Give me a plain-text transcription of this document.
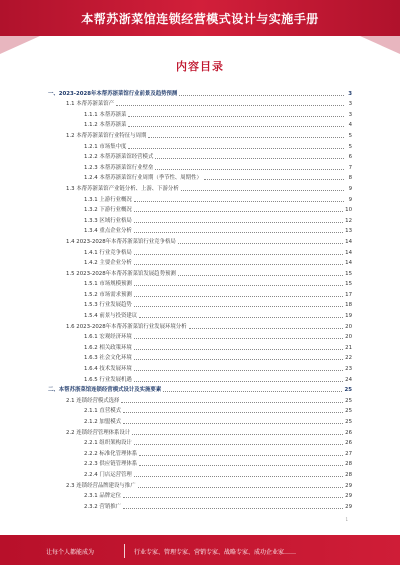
本帮苏浙菜馆连锁经营模式设计与实施手册
内容目录
一、2023-2028年本帮苏浙菜馆行业前景及趋势预测	3
1.1 本帮苏浙菜馆产	3
1.1.1 本帮苏浙菜	3
1.1.2 本帮苏浙菜	4
1.2 本帮苏浙菜馆行业特征与周期	5
1.2.1 市场集中度	5
1.2.2 本帮苏浙菜馆经营模式	6
1.2.3 本帮苏浙菜馆行业壁垒	7
1.2.4 本帮苏浙菜馆行业周期（季节性、周期性）	8
1.3 本帮苏浙菜馆产业链分析、上游、下游分析	9
1.3.1 上游行业概况	9
1.3.2 下游行业概况	10
1.3.3 区域行业格局	12
1.3.4 重点企业分析	13
1.4 2023-2028年本帮苏浙菜馆行业竞争格局	14
1.4.1 行业竞争格局	14
1.4.2 主要企业分析	14
1.5 2023-2028年本帮苏浙菜馆发展趋势预测	15
1.5.1 市场规模预测	15
1.5.2 市场需求预测	17
1.5.3 行业发展趋势	18
1.5.4 前景与投资建议	19
1.6 2023-2028年本帮苏浙菜馆行业发展环境分析	20
1.6.1 宏观经济环境	20
1.6.2 相关政策环境	21
1.6.3 社会文化环境	22
1.6.4 技术发展环境	23
1.6.5 行业发展机遇	24
二、本帮苏浙菜馆连锁经营模式设计及实施要素	25
2.1 连锁经营模式选择	25
2.1.1 直营模式	25
2.1.2 加盟模式	25
2.2 连锁经营管理体系设计	26
2.2.1 组织架构设计	26
2.2.2 标准化管理体系	27
2.2.3 供应链管理体系	28
2.2.4 门店运营管理	28
2.3 连锁经营品牌建设与推广	29
2.3.1 品牌定位	29
2.3.2 营销推广	29
1
让每个人都能成为	行业专家、管理专家、营销专家、战略专家、成功企业家……
